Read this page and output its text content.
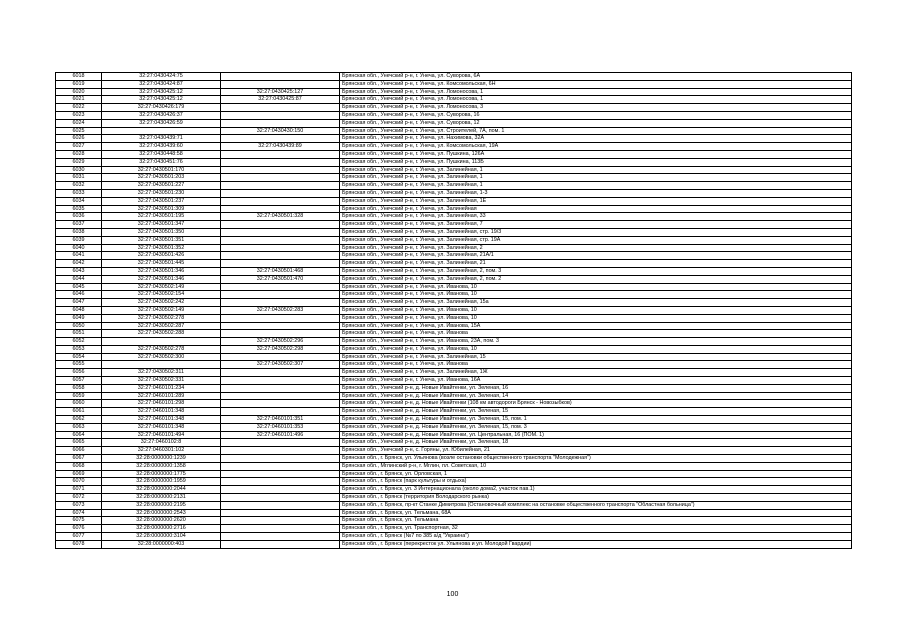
6018	32:27:0430424:75		Брянская обл., Унечский р-н, г. Унеча, ул. Суворова, 6А
6019	32:27:0430424:87		Брянская обл., Унечский р-н, г. Унеча, ул. Комсомольская, 6Н
6020	32:27:0430425:12	32:27:0430425:127	Брянская обл., Унечский р-н, г. Унеча, ул. Ломоносова, 1
6021	32:27:0430425:12	32:27:0430425:87	Брянская обл., Унечский р-н, г. Унеча, ул. Ломоносова, 1
6022	32:27:0430426:179		Брянская обл., Унечский р-н, г. Унеча, ул. Ломоносова, 3
6023	32:27:0430426:37		Брянская обл., Унечский р-н, г. Унеча, ул. Суворова, 16
6024	32:27:0430426:59		Брянская обл., Унечский р-н, г. Унеча, ул. Суворова, 12
6025		32:27:0430430:150	Брянская обл., Унечский р-н, г. Унеча, ул. Строителей, 7А, пом. 1
6026	32:27:0430439:71		Брянская обл., Унечский р-н, г. Унеча, ул. Нахимова, 32А
6027	32:27:0430439:60	32:27:0430439:89	Брянская обл., Унечский р-н, г. Унеча, ул. Комсомольская, 19А
6028	32:27:0430448:58		Брянская обл., Унечский р-н, г. Унеча, ул. Пушкина, 126А
6029	32:27:0430451:76		Брянская обл., Унечский р-н, г. Унеча, ул. Пушкина, 113Б
6030	32:27:0430501:170		Брянская обл., Унечский р-н, г. Унеча, ул. Залинейная, 1
6031	32:27:0430501:203		Брянская обл., Унечский р-н, г. Унеча, ул. Залинейная, 1
6032	32:27:0430501:227		Брянская обл., Унечский р-н, г. Унеча, ул. Залинейная, 1
6033	32:27:0430501:230		Брянская обл., Унечский р-н, г. Унеча, ул. Залинейная, 1-3
6034	32:27:0430501:237		Брянская обл., Унечский р-н, г. Унеча, ул. Залинейная, 1Е
6035	32:27:0430501:309		Брянская обл., Унечский р-н, г. Унеча, ул. Залинейная
6036	32:27:0430501:195	32:27:0430501:328	Брянская обл., Унечский р-н, г. Унеча, ул. Залинейная, 33
6037	32:27:0430501:347		Брянская обл., Унечский р-н, г. Унеча, ул. Залинейная, 7
6038	32:27:0430501:350		Брянская обл., Унечский р-н, г. Унеча, ул. Залинейная, стр. 19/3
6039	32:27:0430501:351		Брянская обл., Унечский р-н, г. Унеча, ул. Залинейная, стр. 19А
6040	32:27:0430501:352		Брянская обл., Унечский р-н, г. Унеча, ул. Залинейная, 2
6041	32:27:0430501:426		Брянская обл., Унечский р-н, г. Унеча, ул. Залинейная, 21А/1
6042	32:27:0430501:445		Брянская обл., Унечский р-н, г. Унеча, ул. Залинейная, 21
6043	32:27:0430501:346	32:27:0430501:468	Брянская обл., Унечский р-н, г. Унеча, ул. Залинейная, 2, пом. 3
6044	32:27:0430501:346	32:27:0430501:470	Брянская обл., Унечский р-н, г. Унеча, ул. Залинейная, 2, пом. 2
6045	32:27:0430502:149		Брянская обл., Унечский р-н, г. Унеча, ул. Иванова, 10
6046	32:27:0430502:154		Брянская обл., Унечский р-н, г. Унеча, ул. Иванова, 10
6047	32:27:0430502:242		Брянская обл., Унечский р-н, г. Унеча, ул. Залинейная, 15а
6048	32:27:0430502:149	32:27:0430502:283	Брянская обл., Унечский р-н, г. Унеча, ул. Иванова, 10
6049	32:27:0430502:278		Брянская обл., Унечский р-н, г. Унеча, ул. Иванова, 10
6050	32:27:0430502:287		Брянская обл., Унечский р-н, г. Унеча, ул. Иванова, 15А
6051	32:27:0430502:288		Брянская обл., Унечский р-н, г. Унеча, ул. Иванова
6052		32:27:0430502:296	Брянская обл., Унечский р-н, г. Унеча, ул. Иванова, 23А, пом. 3
6053	32:27:0430502:278	32:27:0430502:298	Брянская обл., Унечский р-н, г. Унеча, ул. Иванова, 10
6054	32:27:0430502:300		Брянская обл., Унечский р-н, г. Унеча, ул. Залинейная, 15
6055		32:27:0430502:307	Брянская обл., Унечский р-н, г. Унеча, ул. Иванова
6056	32:27:0430502:311		Брянская обл., Унечский р-н, г. Унеча, ул. Залинейная, 1Ж
6057	32:27:0430502:331		Брянская обл., Унечский р-н, г. Унеча, ул. Иванова, 16А
6058	32:27:0460101:234		Брянская обл., Унечский р-н, д. Новые Ивайтенки, ул. Зеленая, 16
6059	32:27:0460101:289		Брянская обл., Унечский р-н, д. Новые Ивайтенки, ул. Зеленая, 14
6060	32:27:0460101:298		Брянская обл., Унечский р-н, д. Новые Ивайтенки (108 км автодороги Брянск - Новозыбков)
6061	32:27:0460101:348		Брянская обл., Унечский р-н, д. Новые Ивайтенки, ул. Зеленая, 15
6062	32:27:0460101:348	32:27:0460101:351	Брянская обл., Унечский р-н, д. Новые Ивайтенки, ул. Зеленая, 15, пом. 1
6063	32:27:0460101:348	32:27:0460101:353	Брянская обл., Унечский р-н, д. Новые Ивайтенки, ул. Зеленая, 15, пом. 3
6064	32:27:0460101:494	32:27:0460101:496	Брянская обл., Унечский р-н, д. Новые Ивайтенки, ул. Центральная, 16 (ПОМ. 1)
6065	32:27:0460102:8		Брянская обл., Унечский р-н, д. Новые Ивайтенки, ул. Зеленая, 18
6066	32:27:0460301:102		Брянская обл., Унечский р-н, с. Горяны, ул. Юбилейная, 21
6067	32:28:0000000:1239		Брянская обл., г. Брянск, ул. Ульянова (возле остановки общественного транспорта "Молодежная")
6068	32:28:0000000:1358		Брянская обл., Мглинский р-н, г. Мглин, пл. Советская, 10
6069	32:28:0000000:1775		Брянская обл., г. Брянск, ул. Орловская, 1
6070	32:28:0000000:1959		Брянская обл., г. Брянск (парк культуры и отдыха)
6071	32:28:0000000:2044		Брянская обл., г. Брянск, ул. 3 Интернационала (около дома2, участок пав.1)
6072	32:28:0000000:2131		Брянская обл., г. Брянск (территория Володарского рынка)
6073	32:28:0000000:2195		Брянская обл., г. Брянск, пр-кт Станке Димитрова (Остановочный комплекс на остановке общественного транспорта "Областная больница")
6074	32:28:0000000:2543		Брянская обл., г. Брянск, ул. Тельмана, 68А
6075	32:28:0000000:2620		Брянская обл., г. Брянск, ул. Тельмана
6076	32:28:0000000:2716		Брянская обл., г. Брянск, ул. Транспортная, 32
6077	32:28:0000000:3104		Брянская обл., г. Брянск (№7 по 385 а/д "Украина")
6078	32:28:0000000:403		Брянская обл., г. Брянск (перекресток ул. Ульянова и ул. Молодой Гвардии)
100
